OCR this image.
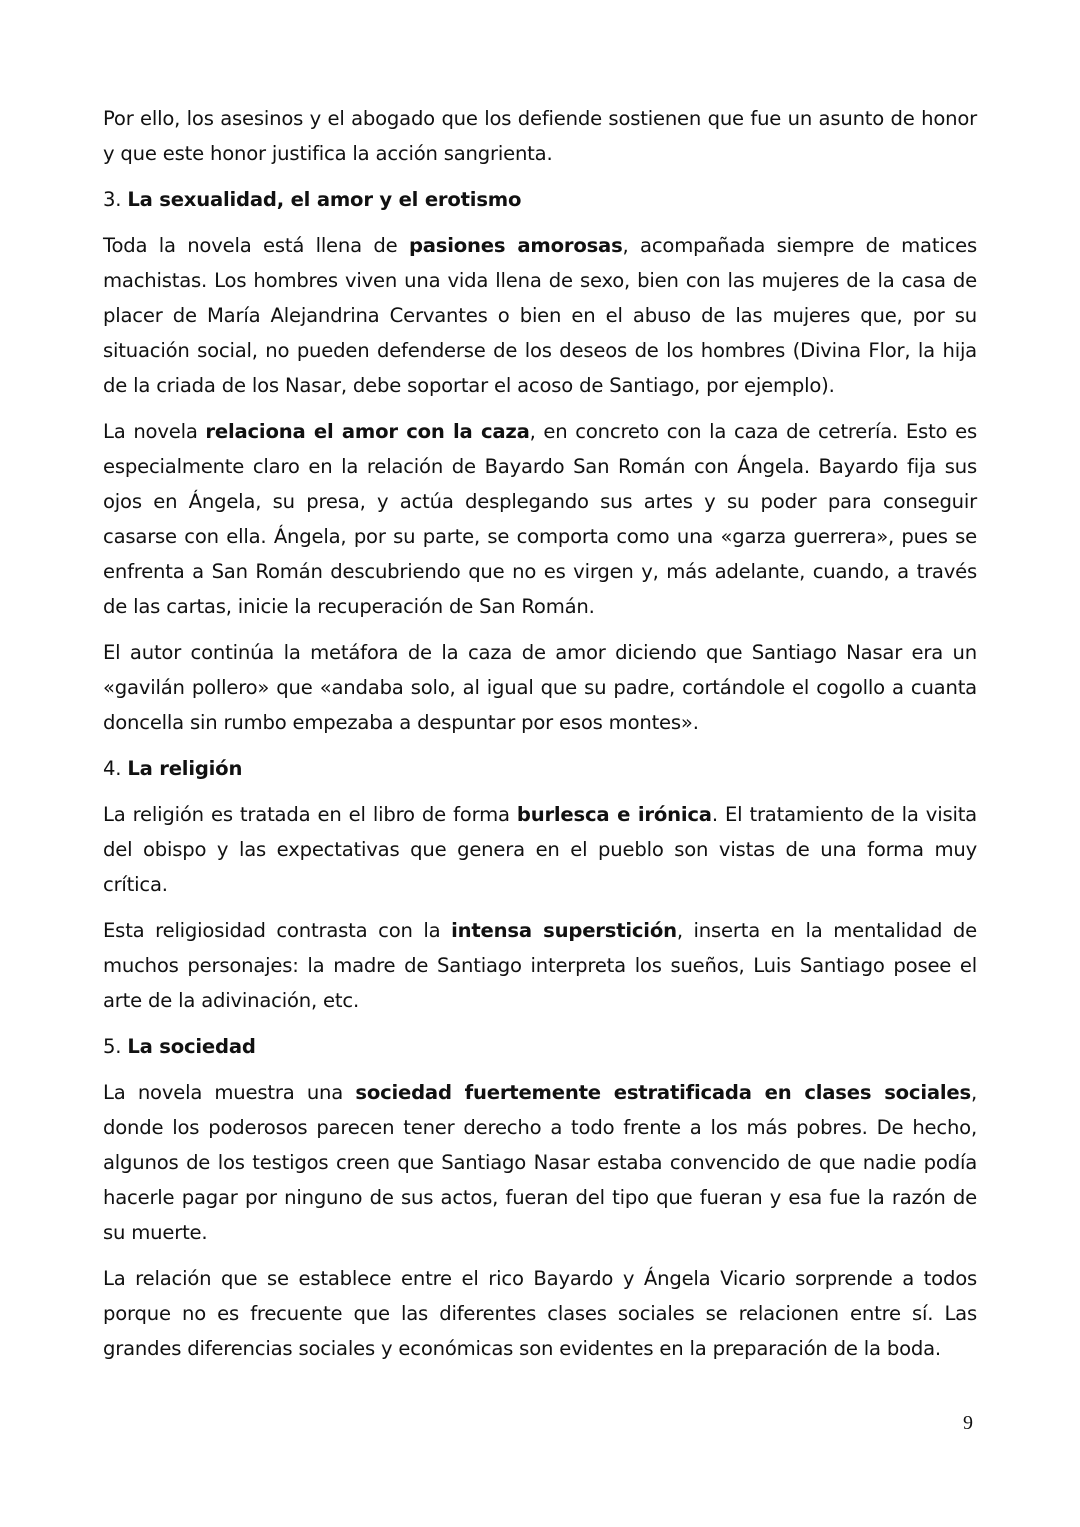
Por ello, los asesinos y el abogado que los defiende sostienen que fue un asunto de honor y que este honor justifica la acción sangrienta.

3. La sexualidad, el amor y el erotismo

Toda la novela está llena de pasiones amorosas, acompañada siempre de matices machistas. Los hombres viven una vida llena de sexo, bien con las mujeres de la casa de placer de María Alejandrina Cervantes o bien en el abuso de las mujeres que, por su situación social, no pueden defenderse de los deseos de los hombres (Divina Flor, la hija de la criada de los Nasar, debe soportar el acoso de Santiago, por ejemplo).

La novela relaciona el amor con la caza, en concreto con la caza de cetrería. Esto es especialmente claro en la relación de Bayardo San Román con Ángela. Bayardo fija sus ojos en Ángela, su presa, y actúa desplegando sus artes y su poder para conseguir casarse con ella. Ángela, por su parte, se comporta como una «garza guerrera», pues se enfrenta a San Román descubriendo que no es virgen y, más adelante, cuando, a través de las cartas, inicie la recuperación de San Román.

El autor continúa la metáfora de la caza de amor diciendo que Santiago Nasar era un «gavilán pollero» que «andaba solo, al igual que su padre, cortándole el cogollo a cuanta doncella sin rumbo empezaba a despuntar por esos montes».

4. La religión

La religión es tratada en el libro de forma burlesca e irónica. El tratamiento de la visita del obispo y las expectativas que genera en el pueblo son vistas de una forma muy crítica.

Esta religiosidad contrasta con la intensa superstición, inserta en la mentalidad de muchos personajes: la madre de Santiago interpreta los sueños, Luis Santiago posee el arte de la adivinación, etc.

5. La sociedad

La novela muestra una sociedad fuertemente estratificada en clases sociales, donde los poderosos parecen tener derecho a todo frente a los más pobres. De hecho, algunos de los testigos creen que Santiago Nasar estaba convencido de que nadie podía hacerle pagar por ninguno de sus actos, fueran del tipo que fueran y esa fue la razón de su muerte.

La relación que se establece entre el rico Bayardo y Ángela Vicario sorprende a todos porque no es frecuente que las diferentes clases sociales se relacionen entre sí. Las grandes diferencias sociales y económicas son evidentes en la preparación de la boda.

9
